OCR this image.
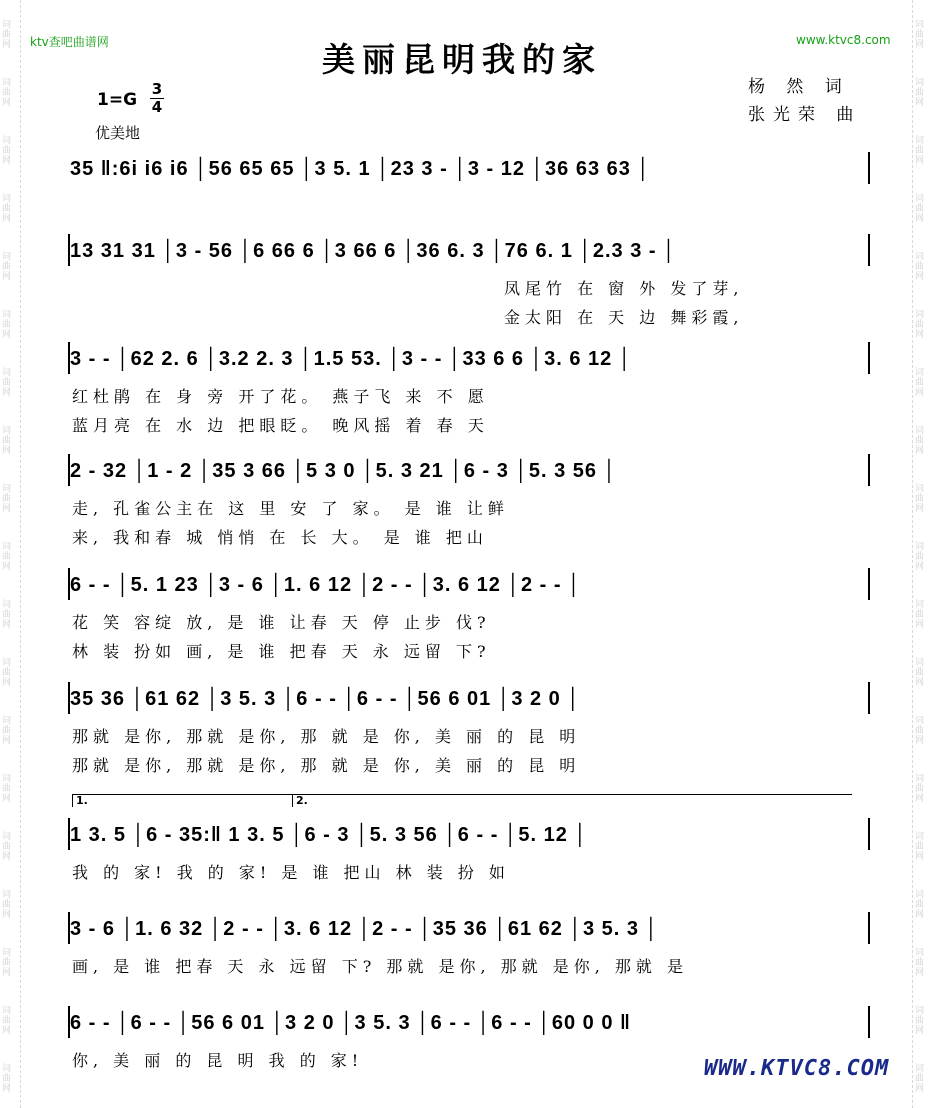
词 曲 网
词 曲 网
词 曲 网
词 曲 网
词 曲 网
词 曲 网
词 曲 网
词 曲 网
词 曲 网
词 曲 网
词 曲 网
词 曲 网
词 曲 网
词 曲 网
词 曲 网
词 曲 网
词 曲 网
词 曲 网
词 曲 网
词 曲 网
词 曲 网
词 曲 网
词 曲 网
词 曲 网
词 曲 网
词 曲 网
词 曲 网
词 曲 网
词 曲 网
词 曲 网
词 曲 网
词 曲 网
词 曲 网
词 曲 网
词 曲 网
词 曲 网
词 曲 网
词 曲 网
ktv查吧曲谱网	www.ktvc8.com
美丽昆明我的家
杨 然 词
张光荣 曲
1=G
3
4
优美地
35 ‖:6i i6 i6 │56 65 65 │3 5. 1 │23 3 - │3 - 12 │36 63 63 │
13 31 31 │3 - 56 │6 66 6 │3 66 6 │36 6. 3 │76 6. 1 │2.3 3 - │
凤尾竹 在 窗 外 发了芽,
金太阳 在 天 边 舞彩霞,
3 - - │62 2. 6 │3.2 2. 3 │1.5 53. │3 - - │33 6 6 │3. 6 12 │
红杜鹃 在 身 旁 开了花。 燕子飞 来 不 愿
蓝月亮 在 水 边 把眼眨。 晚风摇 着 春 天
2 - 32 │1 - 2 │35 3 66 │5 3 0 │5. 3 21 │6 - 3 │5. 3 56 │
走, 孔雀公主在 这 里 安 了 家。 是 谁 让鲜
来, 我和春 城 悄悄 在 长 大。 是 谁 把山
6 - - │5. 1 23 │3 - 6 │1. 6 12 │2 - - │3. 6 12 │2 - - │
花 笑 容绽 放, 是 谁 让春 天 停 止步 伐?
林 装 扮如 画, 是 谁 把春 天 永 远留 下?
35 36 │61 62 │3 5. 3 │6 - - │6 - - │56 6 01 │3 2 0 │
那就 是你, 那就 是你, 那 就 是 你, 美 丽 的 昆 明
那就 是你, 那就 是你, 那 就 是 你, 美 丽 的 昆 明
1 3. 5 │6 - 35:‖ 1 3. 5 │6 - 3 │5. 3 56 │6 - - │5. 12 │
我 的 家! 我 的 家! 是 谁 把山 林 装 扮 如
1.	2.
3 - 6 │1. 6 32 │2 - - │3. 6 12 │2 - - │35 36 │61 62 │3 5. 3 │
画, 是 谁 把春 天 永 远留 下? 那就 是你, 那就 是你, 那就 是
6 - - │6 - - │56 6 01 │3 2 0 │3 5. 3 │6 - - │6 - - │60 0 0 ‖
你, 美 丽 的 昆 明 我 的 家!	WWW.KTVC8.COM
